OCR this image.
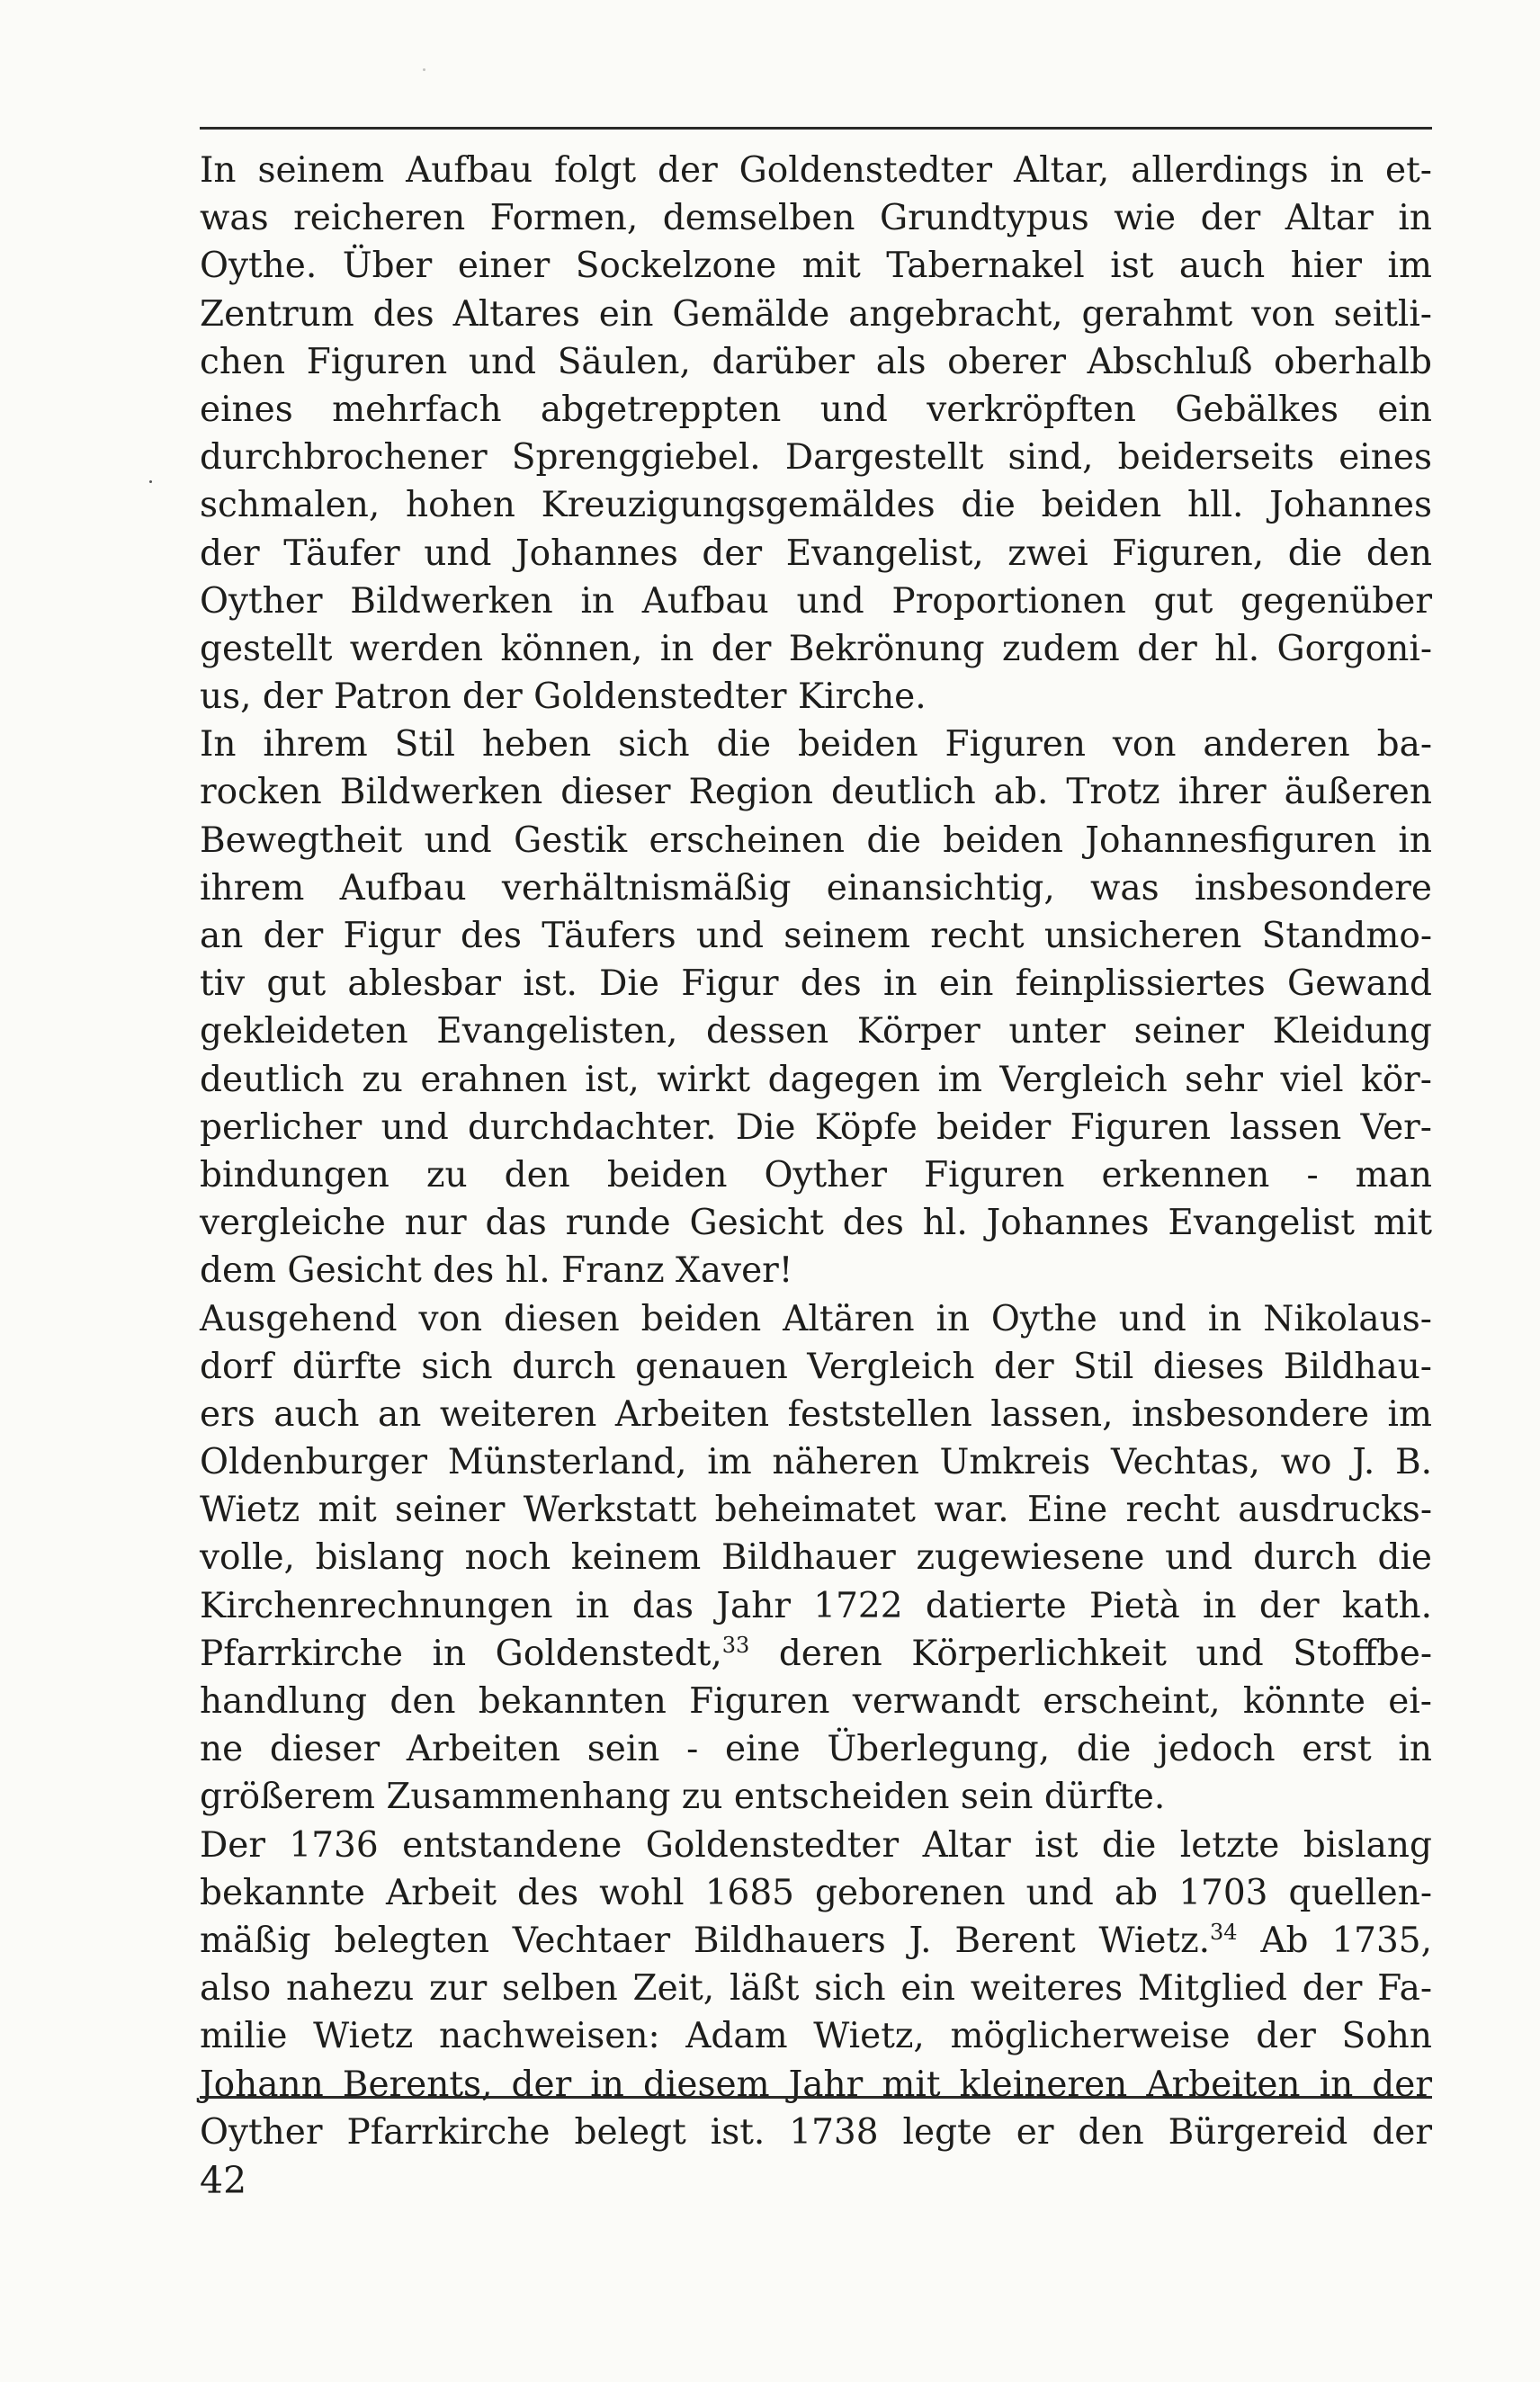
In seinem Aufbau folgt der Goldenstedter Altar, allerdings in et-
was reicheren Formen, demselben Grundtypus wie der Altar in
Oythe. Über einer Sockelzone mit Tabernakel ist auch hier im
Zentrum des Altares ein Gemälde angebracht, gerahmt von seitli-
chen Figuren und Säulen, darüber als oberer Abschluß oberhalb
eines mehrfach abgetreppten und verkröpften Gebälkes ein
durchbrochener Sprenggiebel. Dargestellt sind, beiderseits eines
schmalen, hohen Kreuzigungsgemäldes die beiden hll. Johannes
der Täufer und Johannes der Evangelist, zwei Figuren, die den
Oyther Bildwerken in Aufbau und Proportionen gut gegenüber
gestellt werden können, in der Bekrönung zudem der hl. Gorgoni-
us, der Patron der Goldenstedter Kirche.
In ihrem Stil heben sich die beiden Figuren von anderen ba-
rocken Bildwerken dieser Region deutlich ab. Trotz ihrer äußeren
Bewegtheit und Gestik erscheinen die beiden Johannesfiguren in
ihrem Aufbau verhältnismäßig einansichtig, was insbesondere
an der Figur des Täufers und seinem recht unsicheren Standmo-
tiv gut ablesbar ist. Die Figur des in ein feinplissiertes Gewand
gekleideten Evangelisten, dessen Körper unter seiner Kleidung
deutlich zu erahnen ist, wirkt dagegen im Vergleich sehr viel kör-
perlicher und durchdachter. Die Köpfe beider Figuren lassen Ver-
bindungen zu den beiden Oyther Figuren erkennen - man
vergleiche nur das runde Gesicht des hl. Johannes Evangelist mit
dem Gesicht des hl. Franz Xaver!
Ausgehend von diesen beiden Altären in Oythe und in Nikolaus-
dorf dürfte sich durch genauen Vergleich der Stil dieses Bildhau-
ers auch an weiteren Arbeiten feststellen lassen, insbesondere im
Oldenburger Münsterland, im näheren Umkreis Vechtas, wo J. B.
Wietz mit seiner Werkstatt beheimatet war. Eine recht ausdrucks-
volle, bislang noch keinem Bildhauer zugewiesene und durch die
Kirchenrechnungen in das Jahr 1722 datierte Pietà in der kath.
Pfarrkirche in Goldenstedt,$^{33}$ deren Körperlichkeit und Stoffbe-
handlung den bekannten Figuren verwandt erscheint, könnte ei-
ne dieser Arbeiten sein - eine Überlegung, die jedoch erst in
größerem Zusammenhang zu entscheiden sein dürfte.
Der 1736 entstandene Goldenstedter Altar ist die letzte bislang
bekannte Arbeit des wohl 1685 geborenen und ab 1703 quellen-
mäßig belegten Vechtaer Bildhauers J. Berent Wietz.$^{34}$ Ab 1735,
also nahezu zur selben Zeit, läßt sich ein weiteres Mitglied der Fa-
milie Wietz nachweisen: Adam Wietz, möglicherweise der Sohn
Johann Berents, der in diesem Jahr mit kleineren Arbeiten in der
Oyther Pfarrkirche belegt ist. 1738 legte er den Bürgereid der
42
